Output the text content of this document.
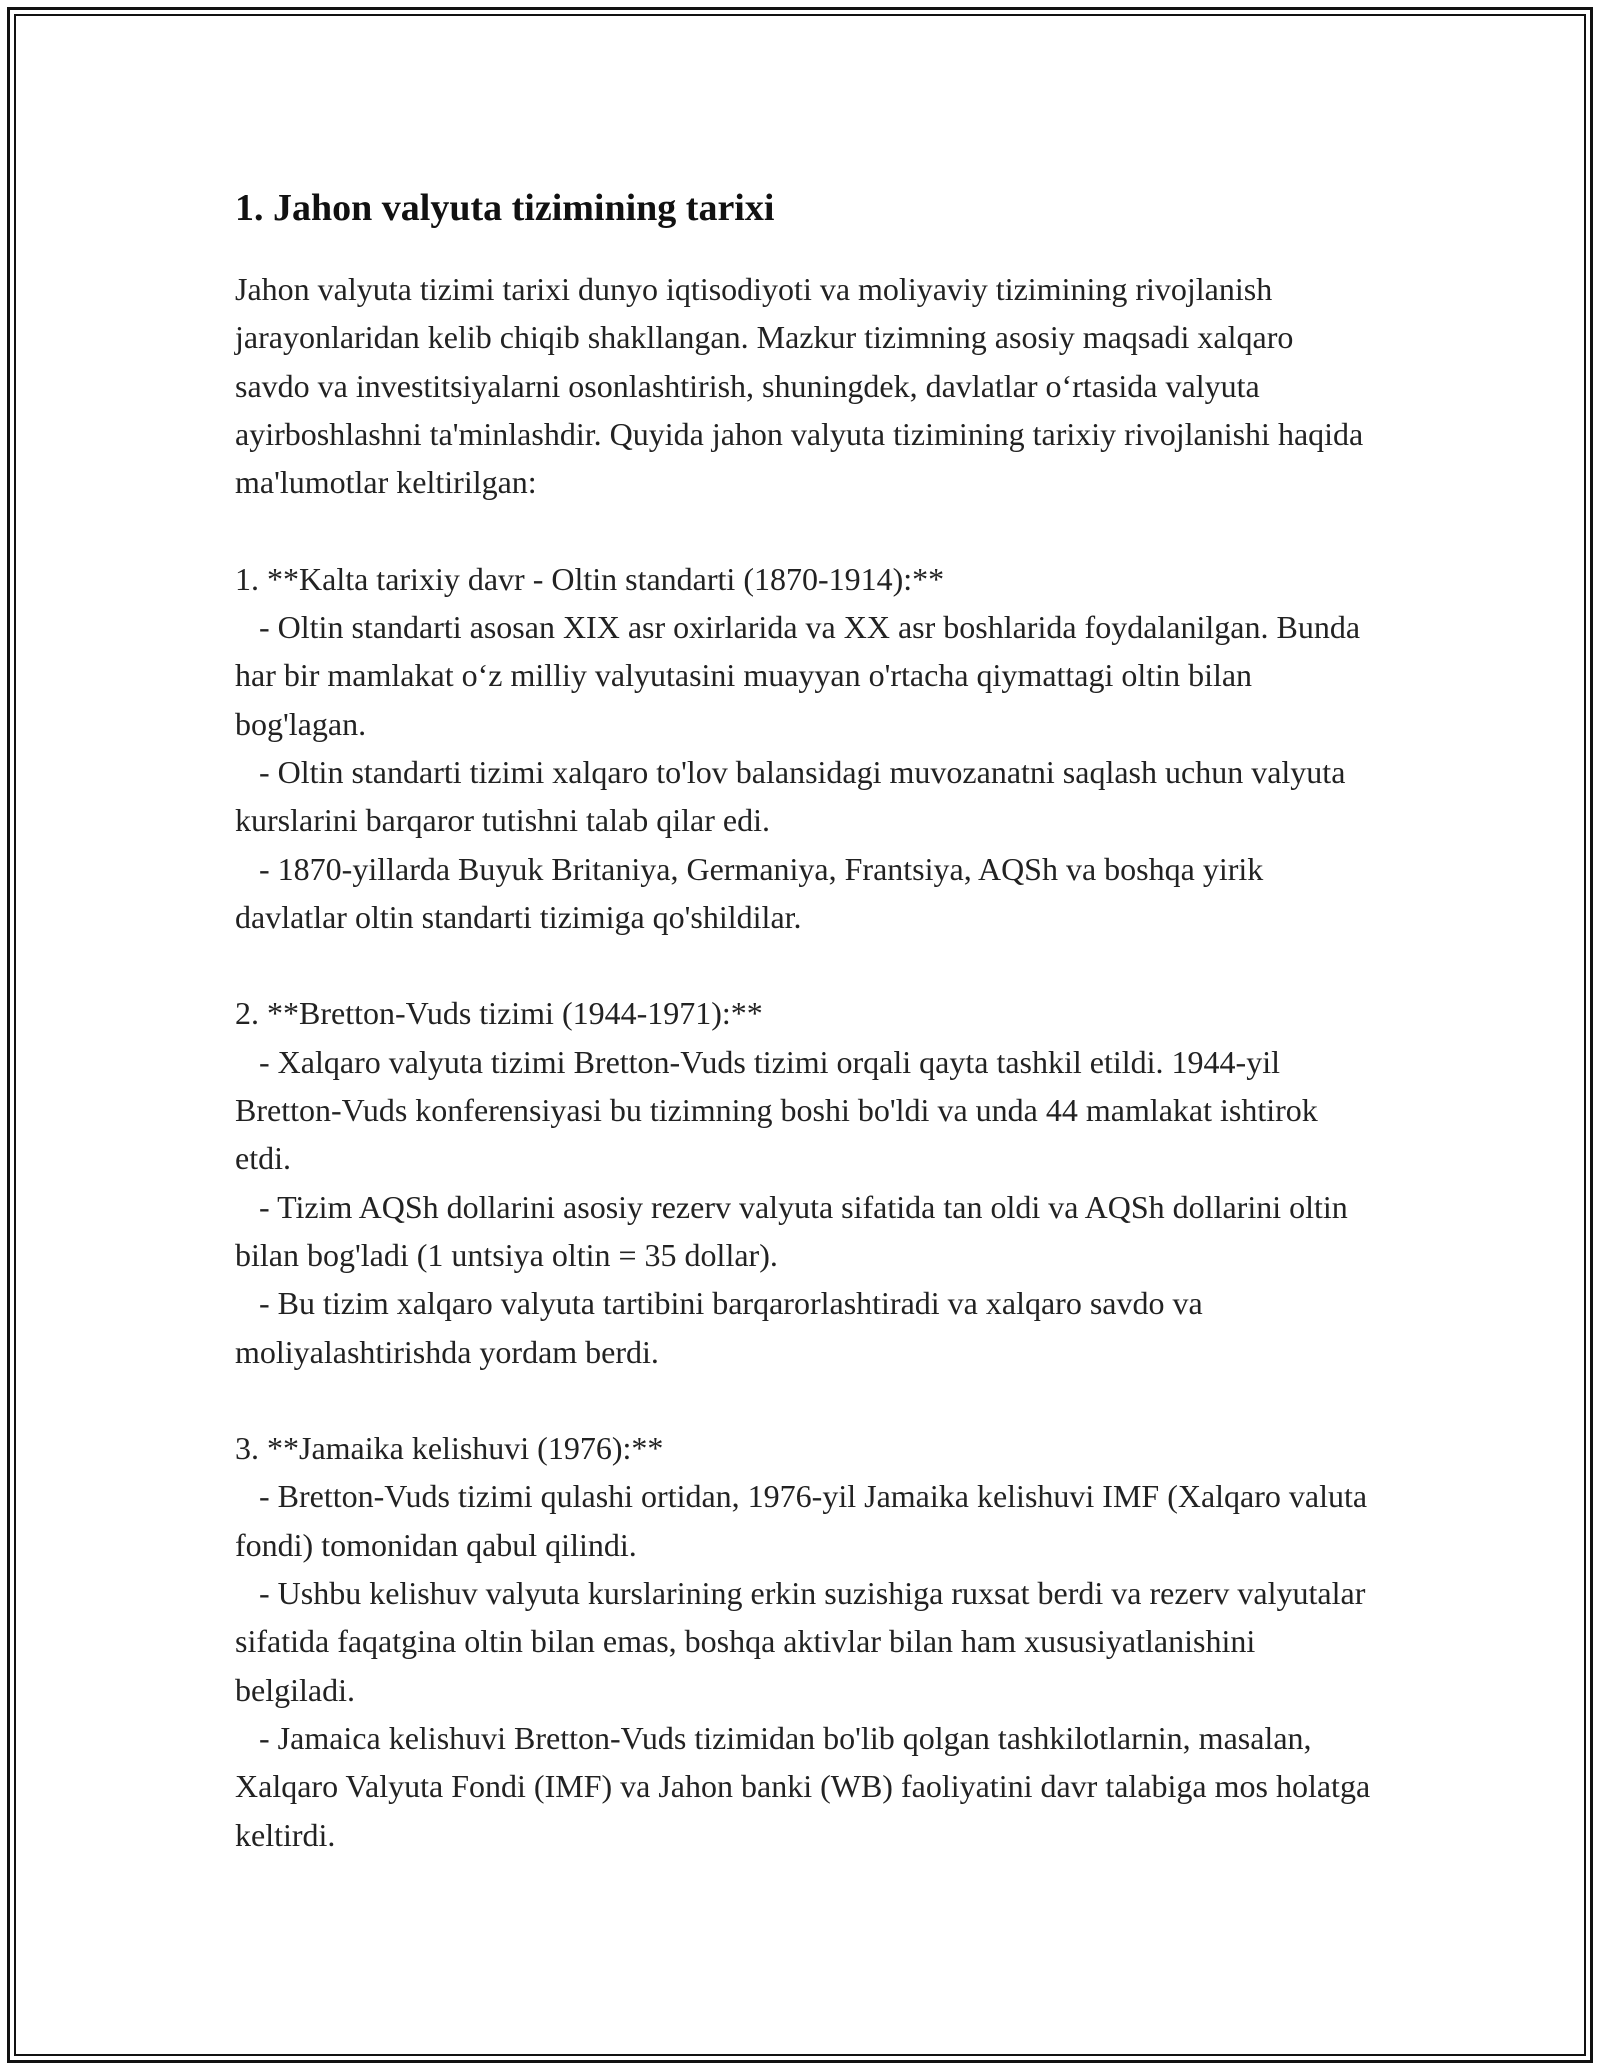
1. Jahon valyuta tizimining tarixi

Jahon valyuta tizimi tarixi dunyo iqtisodiyoti va moliyaviy tizimining rivojlanish jarayonlaridan kelib chiqib shakllangan. Mazkur tizimning asosiy maqsadi xalqaro savdo va investitsiyalarni osonlashtirish, shuningdek, davlatlar oʻrtasida valyuta ayirboshlashni ta'minlashdir. Quyida jahon valyuta tizimining tarixiy rivojlanishi haqida ma'lumotlar keltirilgan:

1. **Kalta tarixiy davr - Oltin standarti (1870-1914):**

- Oltin standarti asosan XIX asr oxirlarida va XX asr boshlarida foydalanilgan. Bunda har bir mamlakat oʻz milliy valyutasini muayyan o'rtacha qiymattagi oltin bilan bog'lagan.

- Oltin standarti tizimi xalqaro to'lov balansidagi muvozanatni saqlash uchun valyuta kurslarini barqaror tutishni talab qilar edi.

- 1870-yillarda Buyuk Britaniya, Germaniya, Frantsiya, AQSh va boshqa yirik davlatlar oltin standarti tizimiga qo'shildilar.

2. **Bretton-Vuds tizimi (1944-1971):**

- Xalqaro valyuta tizimi Bretton-Vuds tizimi orqali qayta tashkil etildi. 1944-yil Bretton-Vuds konferensiyasi bu tizimning boshi bo'ldi va unda 44 mamlakat ishtirok etdi.

- Tizim AQSh dollarini asosiy rezerv valyuta sifatida tan oldi va AQSh dollarini oltin bilan bog'ladi (1 untsiya oltin = 35 dollar).

- Bu tizim xalqaro valyuta tartibini barqarorlashtiradi va xalqaro savdo va moliyalashtirishda yordam berdi.

3. **Jamaika kelishuvi (1976):**

- Bretton-Vuds tizimi qulashi ortidan, 1976-yil Jamaika kelishuvi IMF (Xalqaro valuta fondi) tomonidan qabul qilindi.

- Ushbu kelishuv valyuta kurslarining erkin suzishiga ruxsat berdi va rezerv valyutalar sifatida faqatgina oltin bilan emas, boshqa aktivlar bilan ham xususiyatlanishini belgiladi.

- Jamaica kelishuvi Bretton-Vuds tizimidan bo'lib qolgan tashkilotlarnin, masalan, Xalqaro Valyuta Fondi (IMF) va Jahon banki (WB) faoliyatini davr talabiga mos holatga keltirdi.
